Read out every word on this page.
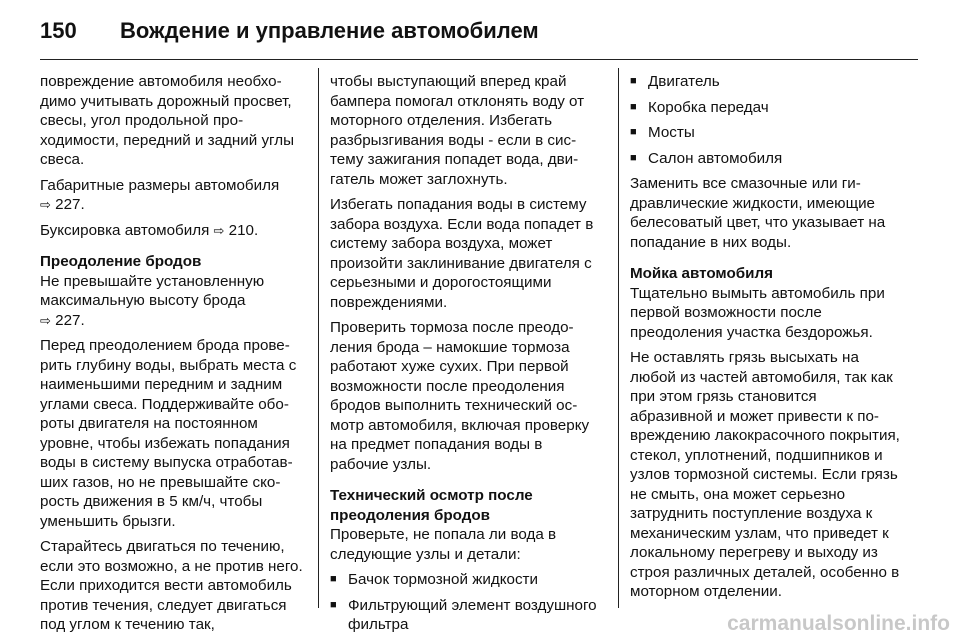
150 Вождение и управление автомобилем

повреждение автомобиля необходимо учитывать дорожный просвет, свесы, угол продольной проходимости, передний и задний углы свеса.

Габаритные размеры автомобиля ⇨ 227.

Буксировка автомобиля ⇨ 210.

Преодоление бродов
Не превышайте установленную максимальную высоту брода
⇨ 227.

Перед преодолением брода проверить глубину воды, выбрать места с наименьшими передним и задним углами свеса. Поддерживайте обороты двигателя на постоянном уровне, чтобы избежать попадания воды в систему выпуска отработавших газов, но не превышайте скорость движения в 5 км/ч, чтобы уменьшить брызги.

Старайтесь двигаться по течению, если это возможно, а не против него. Если приходится вести автомобиль против течения, следует двигаться под углом к течению так,

чтобы выступающий вперед край бампера помогал отклонять воду от моторного отделения. Избегать разбрызгивания воды - если в систему зажигания попадет вода, двигатель может заглохнуть.

Избегать попадания воды в систему забора воздуха. Если вода попадет в систему забора воздуха, может произойти заклинивание двигателя с серьезными и дорогостоящими повреждениями.

Проверить тормоза после преодоления брода – намокшие тормоза работают хуже сухих. При первой возможности после преодоления бродов выполнить технический осмотр автомобиля, включая проверку на предмет попадания воды в рабочие узлы.

Технический осмотр после преодоления бродов
Проверьте, не попала ли вода в следующие узлы и детали:

■ Бачок тормозной жидкости
■ Фильтрующий элемент воздушного фильтра
■ Двигатель
■ Коробка передач
■ Мосты
■ Салон автомобиля

Заменить все смазочные или гидравлические жидкости, имеющие белесоватый цвет, что указывает на попадание в них воды.

Мойка автомобиля
Тщательно вымыть автомобиль при первой возможности после преодоления участка бездорожья.

Не оставлять грязь высыхать на любой из частей автомобиля, так как при этом грязь становится абразивной и может привести к повреждению лакокрасочного покрытия, стекол, уплотнений, подшипников и узлов тормозной системы. Если грязь не смыть, она может серьезно затруднить поступление воздуха к механическим узлам, что приведет к локальному перегреву и выходу из строя различных деталей, особенно в моторном отделении.

carmanualsonline.info
